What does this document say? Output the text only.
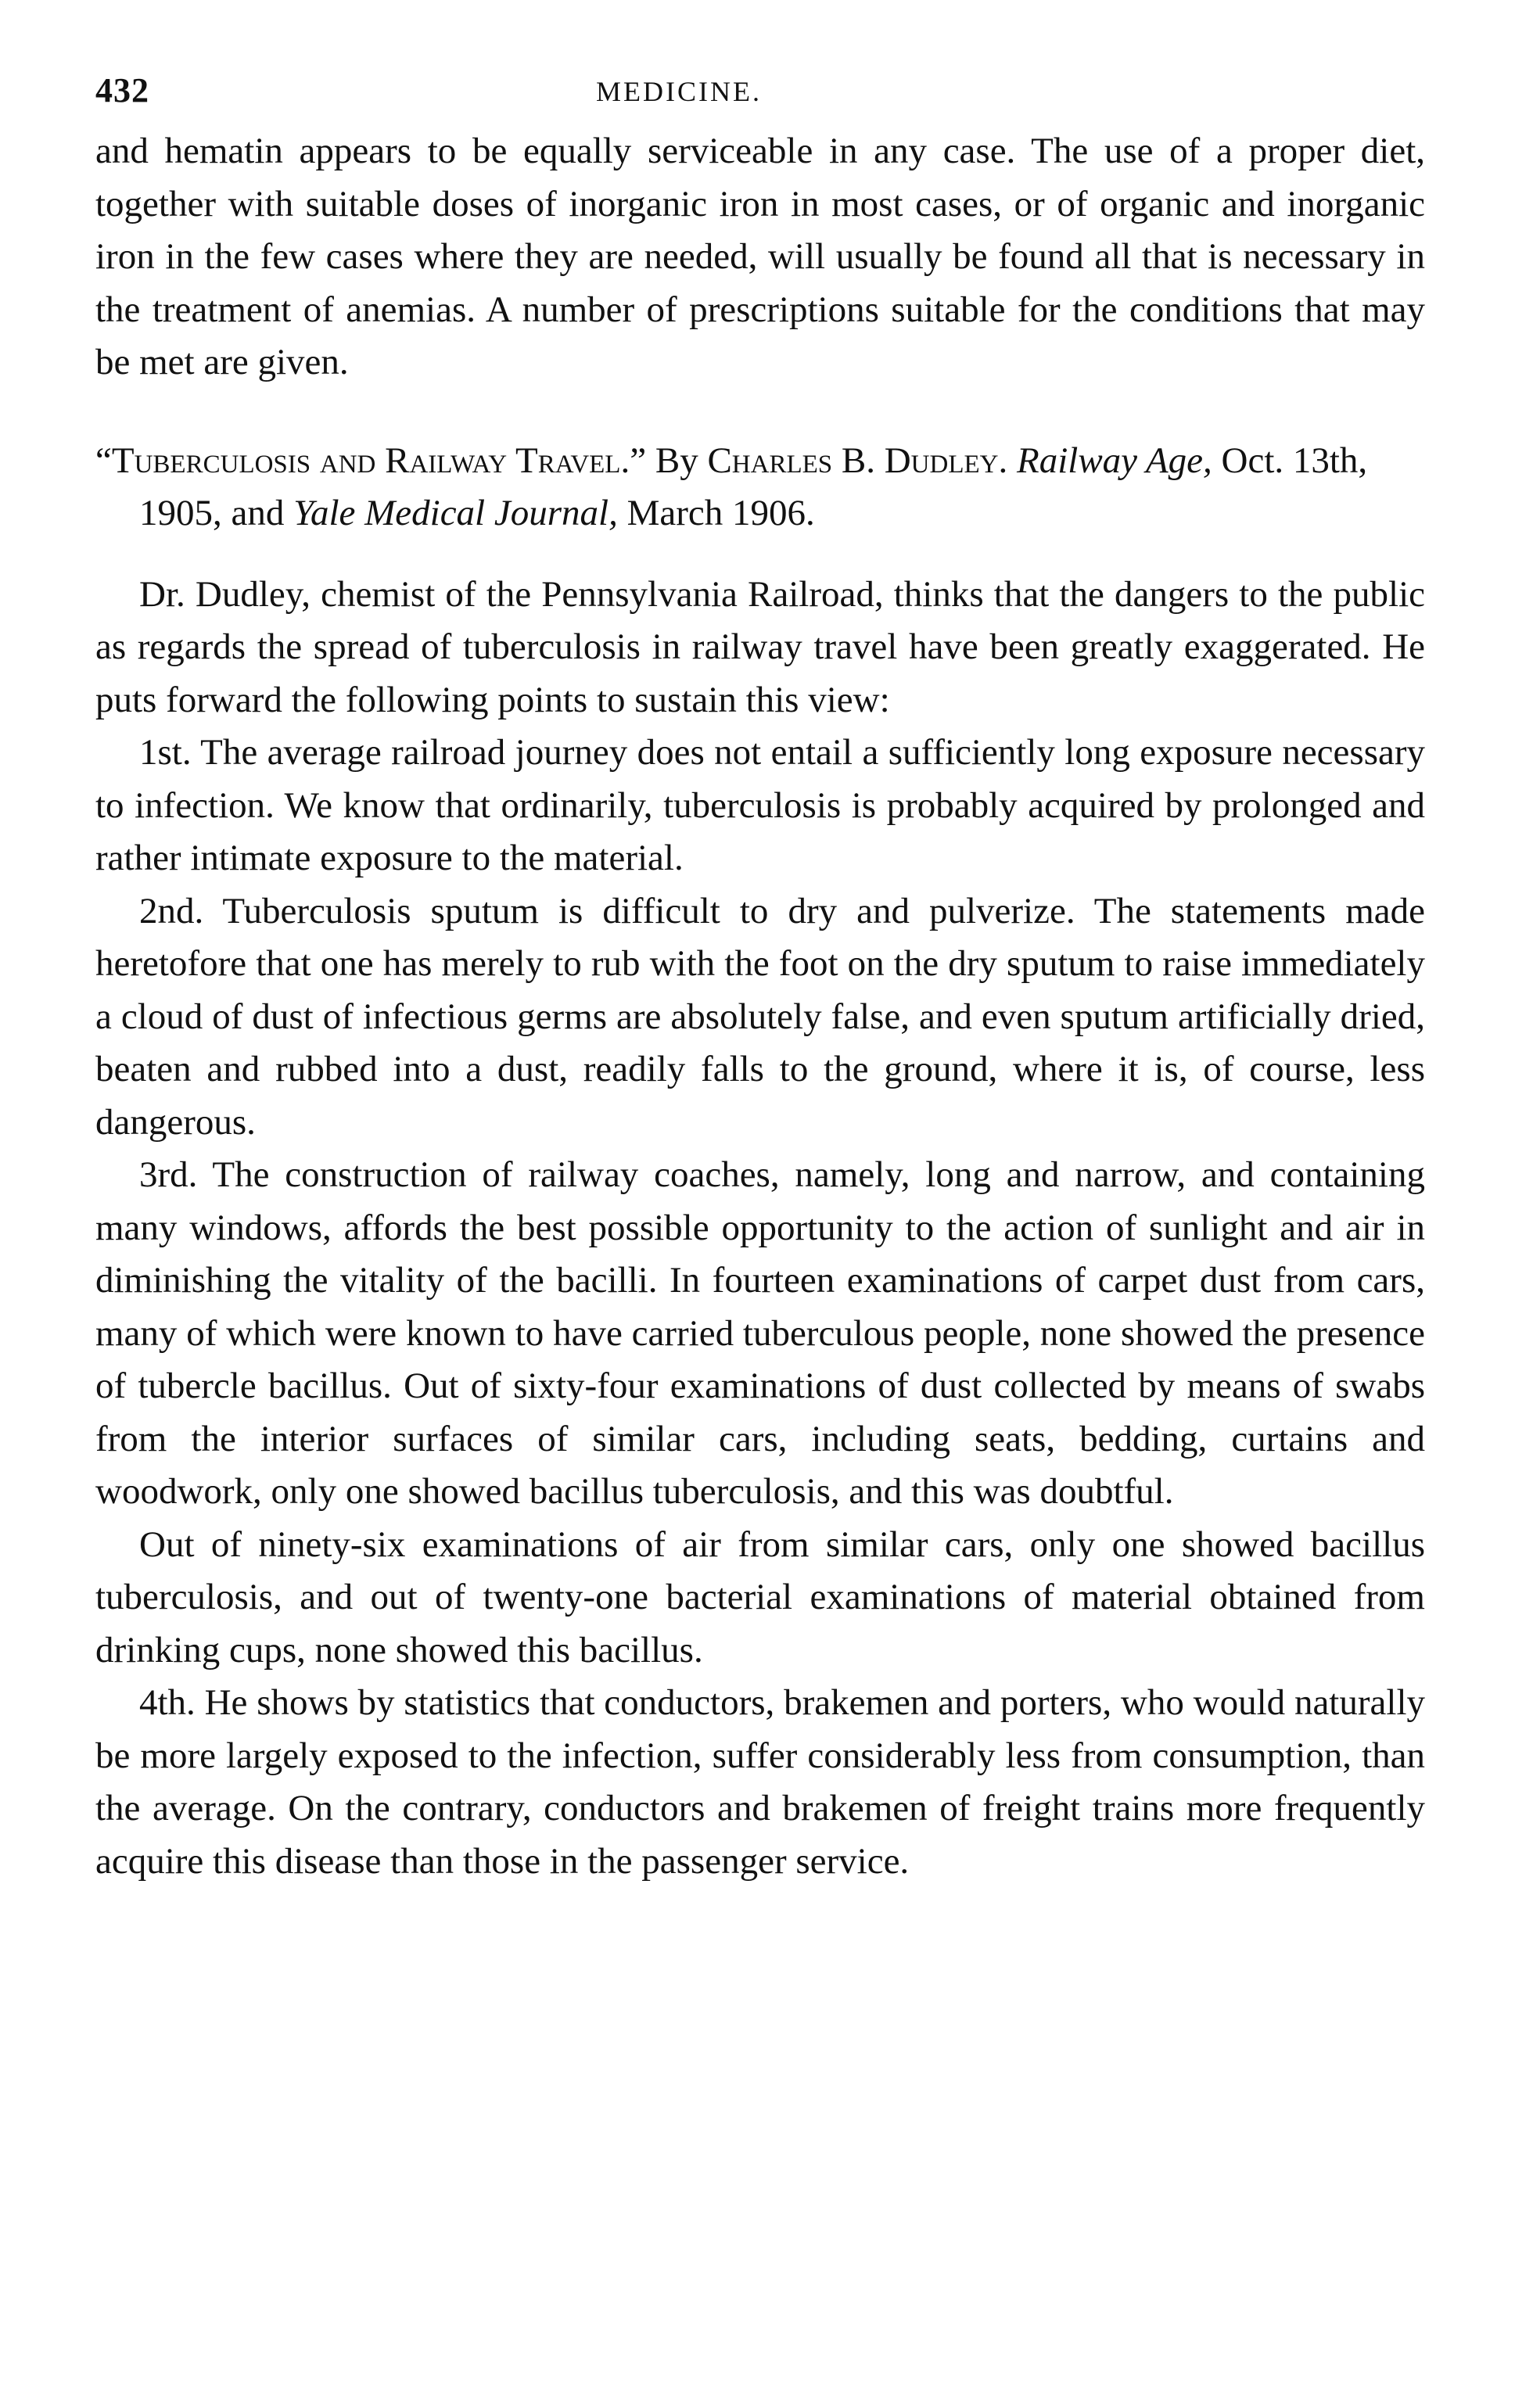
432	MEDICINE.

and hematin appears to be equally serviceable in any case. The use of a proper diet, together with suitable doses of inorganic iron in most cases, or of organic and inorganic iron in the few cases where they are needed, will usually be found all that is necessary in the treatment of anemias. A number of prescriptions suitable for the conditions that may be met are given.

“Tuberculosis and Railway Travel.” By Charles B. Dudley. Railway Age, Oct. 13th, 1905, and Yale Medical Journal, March 1906.

Dr. Dudley, chemist of the Pennsylvania Railroad, thinks that the dangers to the public as regards the spread of tuberculosis in railway travel have been greatly exaggerated. He puts forward the following points to sustain this view:

1st. The average railroad journey does not entail a sufficiently long exposure necessary to infection. We know that ordinarily, tuberculosis is probably acquired by prolonged and rather intimate exposure to the material.

2nd. Tuberculosis sputum is difficult to dry and pulverize. The statements made heretofore that one has merely to rub with the foot on the dry sputum to raise immediately a cloud of dust of infectious germs are absolutely false, and even sputum artificially dried, beaten and rubbed into a dust, readily falls to the ground, where it is, of course, less dangerous.

3rd. The construction of railway coaches, namely, long and narrow, and containing many windows, affords the best possible opportunity to the action of sunlight and air in diminishing the vitality of the bacilli. In fourteen examinations of carpet dust from cars, many of which were known to have carried tuberculous people, none showed the presence of tubercle bacillus. Out of sixty-four examinations of dust collected by means of swabs from the interior surfaces of similar cars, including seats, bedding, curtains and woodwork, only one showed bacillus tuberculosis, and this was doubtful.

Out of ninety-six examinations of air from similar cars, only one showed bacillus tuberculosis, and out of twenty-one bacterial examinations of material obtained from drinking cups, none showed this bacillus.

4th. He shows by statistics that conductors, brakemen and porters, who would naturally be more largely exposed to the infection, suffer considerably less from consumption, than the average. On the contrary, conductors and brakemen of freight trains more frequently acquire this disease than those in the passenger service.
